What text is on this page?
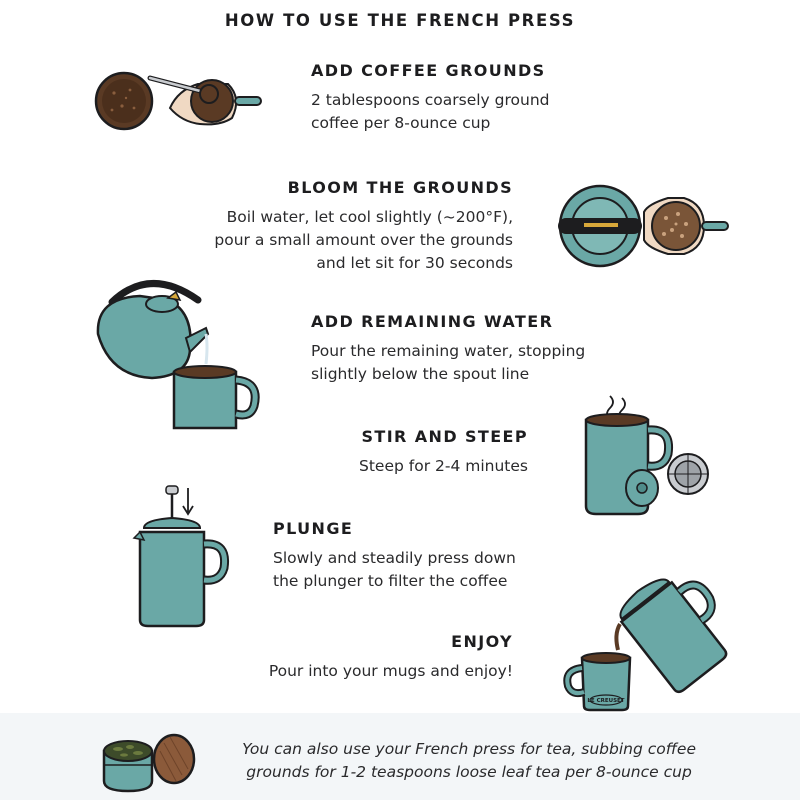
HOW TO USE THE FRENCH PRESS
ADD COFFEE GROUNDS
2 tablespoons coarsely ground
coffee per 8-ounce cup
BLOOM THE GROUNDS
Boil water, let cool slightly (~200°F),
pour a small amount over the grounds
and let sit for 30 seconds
ADD REMAINING WATER
Pour the remaining water, stopping
slightly below the spout line
STIR AND STEEP
Steep for 2-4 minutes
PLUNGE
Slowly and steadily press down
the plunger to filter the coffee
ENJOY
Pour into your mugs and enjoy!
LE CREUSET
You can also use your French press for tea, subbing coffee
grounds for 1-2 teaspoons loose leaf tea per 8-ounce cup
